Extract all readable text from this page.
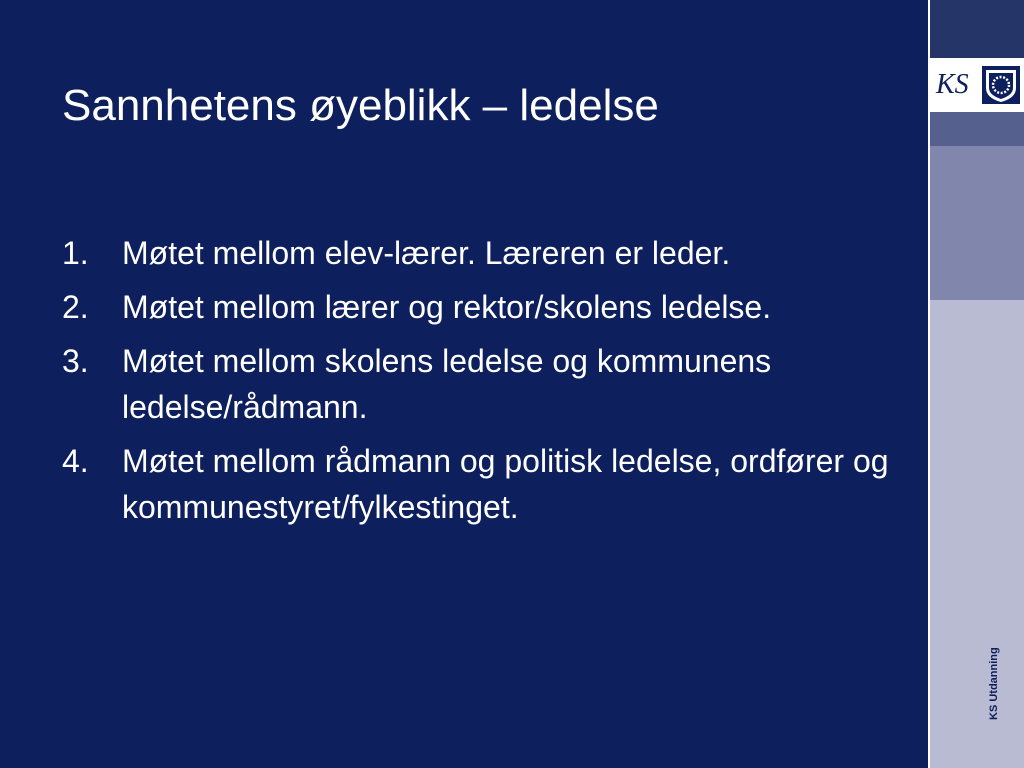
Sannhetens øyeblikk – ledelse
1.	Møtet mellom elev-lærer. Læreren er leder.
2.	Møtet mellom lærer og rektor/skolens ledelse.
3.	Møtet mellom skolens ledelse og kommunens ledelse/rådmann.
4.	Møtet mellom rådmann og politisk ledelse, ordfører og kommunestyret/fylkestinget.
KS
KS Utdanning
